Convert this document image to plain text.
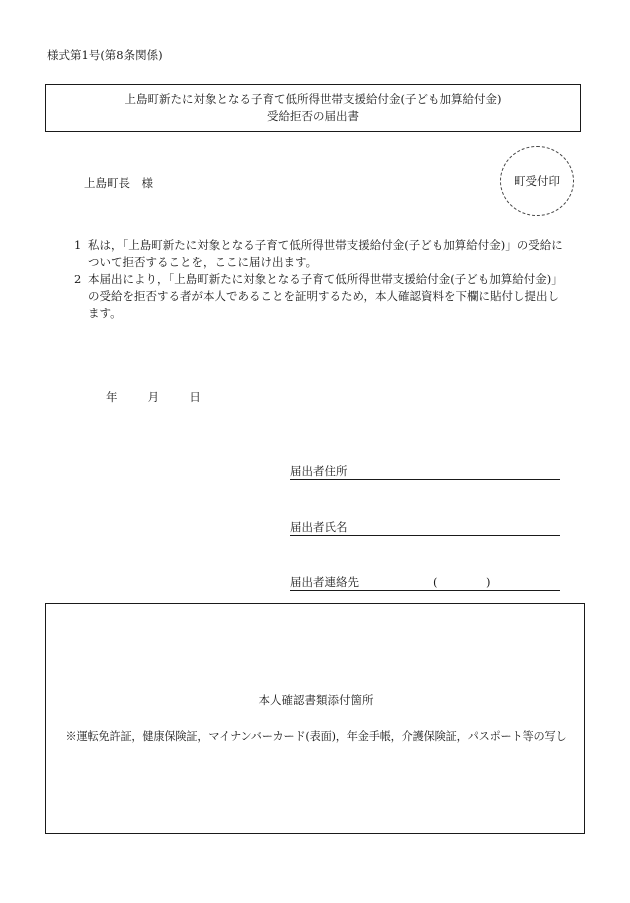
様式第1号(第8条関係)
上島町新たに対象となる子育て低所得世帯支援給付金(子ども加算給付金)
受給拒否の届出書
上島町長　様	町受付印
1 私は，「上島町新たに対象となる子育て低所得世帯支援給付金(子ども加算給付金)」の受給について拒否することを，ここに届け出ます。
2 本届出により，「上島町新たに対象となる子育て低所得世帯支援給付金(子ども加算給付金)」の受給を拒否する者が本人であることを証明するため，本人確認資料を下欄に貼付し提出します。
年	月	日
届出者住所
届出者氏名
届出者連絡先	(	)
本人確認書類添付箇所
※運転免許証，健康保険証，マイナンバーカード(表面)，年金手帳，介護保険証，パスポート等の写し
